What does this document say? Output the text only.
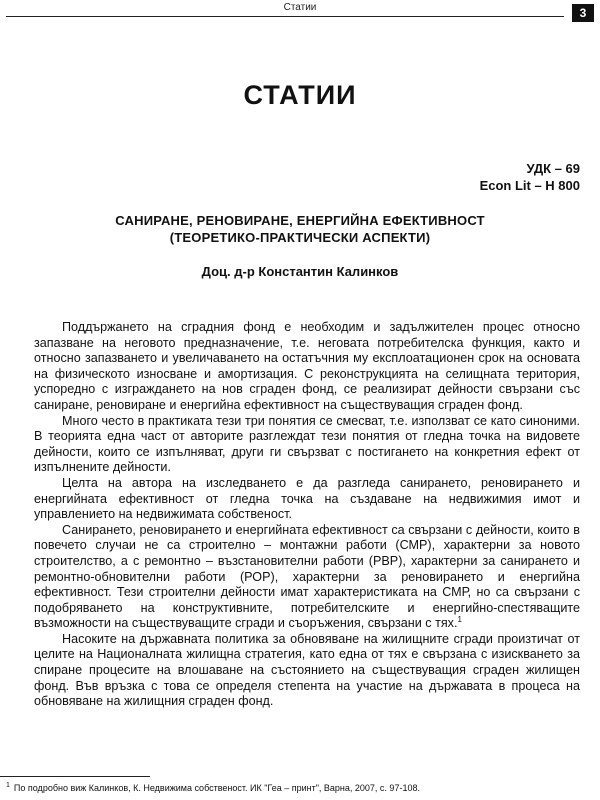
Статии	3
СТАТИИ
УДК – 69
Econ Lit – H 800
САНИРАНЕ, РЕНОВИРАНЕ, ЕНЕРГИЙНА ЕФЕКТИВНОСТ
(ТЕОРЕТИКО-ПРАКТИЧЕСКИ АСПЕКТИ)
Доц. д-р Константин Калинков

Поддържането на сградния фонд е необходим и задължителен процес относно запазване на неговото предназначение, т.е. неговата потребителска функция, както и относно запазването и увеличаването на остатъчния му експлоатационен срок на основата на физическото износване и амортизация. С реконструкцията на селищната територия, успоредно с изграждането на нов сграден фонд, се реализират дейности свързани със саниране, реновиране и енергийна ефективност на съществуващия сграден фонд.

Много често в практиката тези три понятия се смесват, т.е. използват се като синоними. В теорията една част от авторите разглеждат тези понятия от гледна точка на видовете дейности, които се изпълняват, други ги свързват с постигането на конкретния ефект от изпълнените дейности.

Целта на автора на изследването е да разгледа санирането, реновирането и енергийната ефективност от гледна точка на създаване на недвижимия имот и управлението на недвижимата собственост.

Санирането, реновирането и енергийната ефективност са свързани с дейности, които в повечето случаи не са строително – монтажни работи (СМР), характерни за новото строителство, а с ремонтно – възстановителни работи (РВР), характерни за санирането и ремонтно-обновителни работи (РОР), характерни за реновирането и енергийна ефективност. Тези строителни дейности имат характеристиката на СМР, но са свързани с подобряването на конструктивните, потребителските и енергийно-спестяващите възможности на съществуващите сгради и съоръжения, свързани с тях.$^1$

Насоките на държавната политика за обновяване на жилищните сгради произтичат от целите на Националната жилищна стратегия, като една от тях е свързана с изискването за спиране процесите на влошаване на състоянието на съществуващия сграден жилищен фонд. Във връзка с това се определя степента на участие на държавата в процеса на обновяване на жилищния сграден фонд.

$^1$ По подробно виж Калинков, К. Недвижима собственост. ИК "Геа – принт", Варна, 2007, с. 97-108.
